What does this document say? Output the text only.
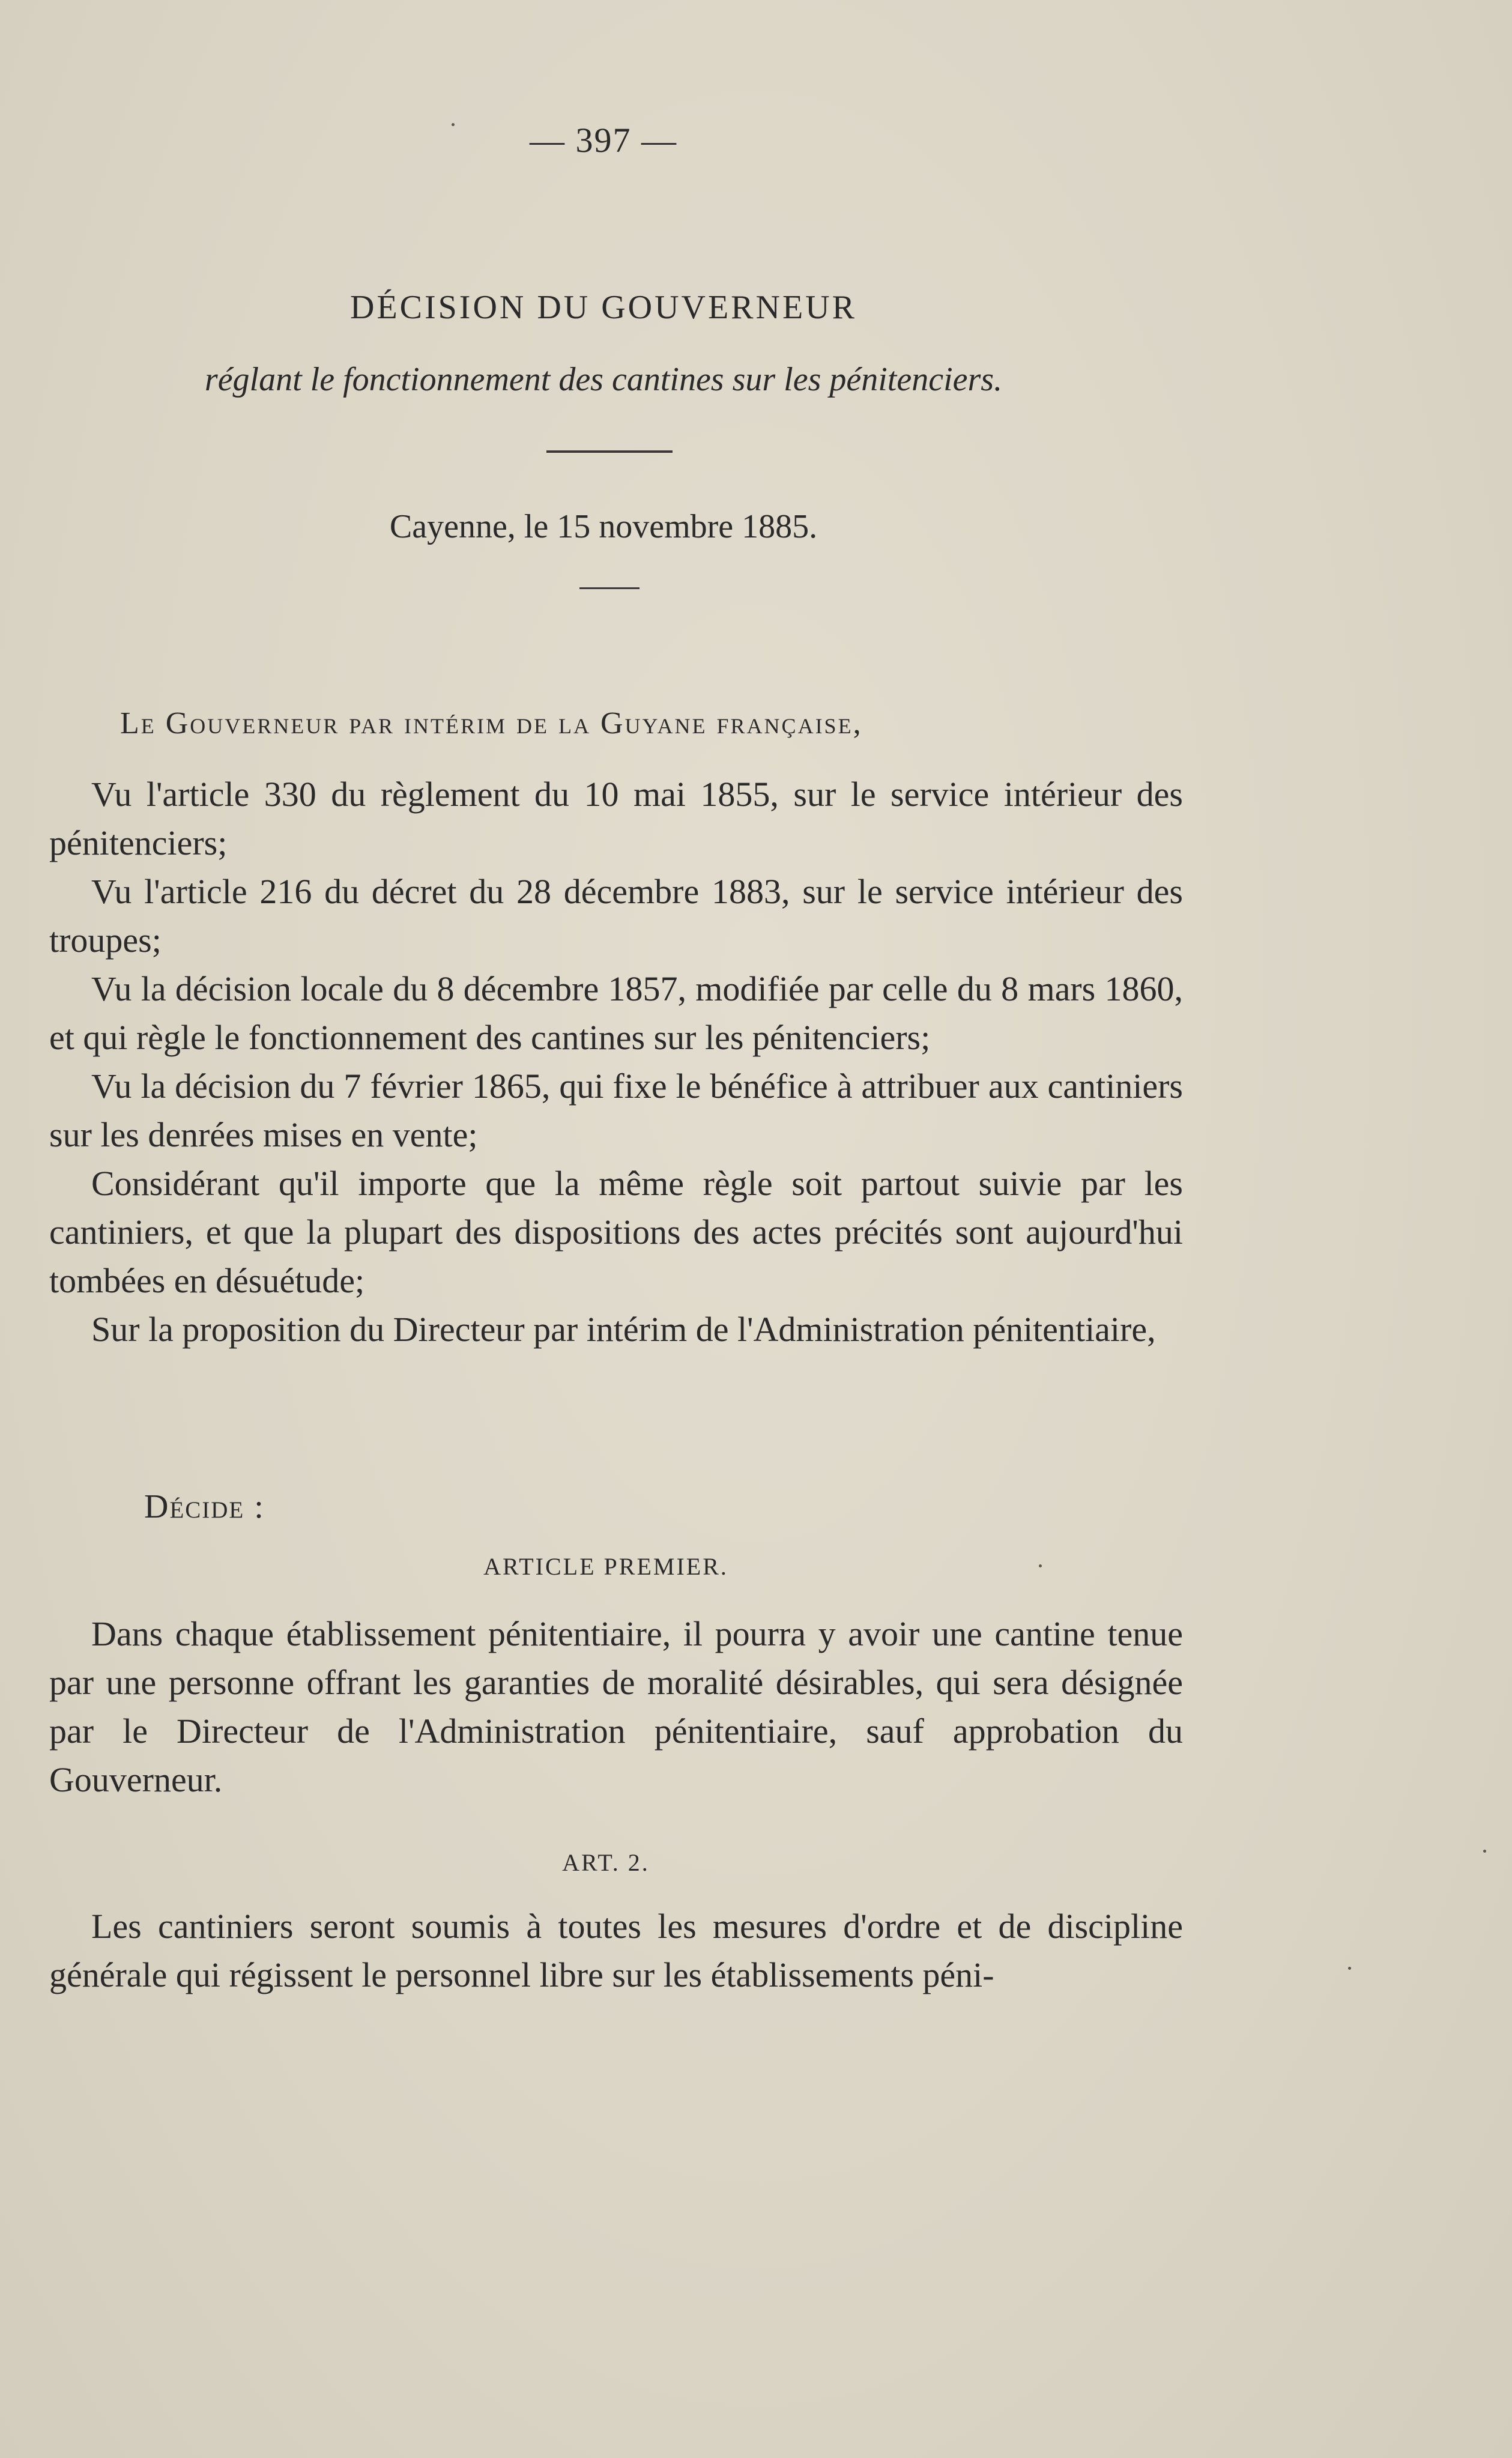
— 397 —
DÉCISION DU GOUVERNEUR
réglant le fonctionnement des cantines sur les pénitenciers.
Cayenne, le 15 novembre 1885.
Le Gouverneur par intérim de la Guyane française,

Vu l'article 330 du règlement du 10 mai 1855, sur le service intérieur des pénitenciers;

Vu l'article 216 du décret du 28 décembre 1883, sur le service intérieur des troupes;

Vu la décision locale du 8 décembre 1857, modifiée par celle du 8 mars 1860, et qui règle le fonctionnement des cantines sur les pénitenciers;

Vu la décision du 7 février 1865, qui fixe le bénéfice à attribuer aux cantiniers sur les denrées mises en vente;

Considérant qu'il importe que la même règle soit partout suivie par les cantiniers, et que la plupart des dispositions des actes précités sont aujourd'hui tombées en désuétude;

Sur la proposition du Directeur par intérim de l'Administration pénitentiaire,

Décide :
ARTICLE PREMIER.

Dans chaque établissement pénitentiaire, il pourra y avoir une cantine tenue par une personne offrant les garanties de moralité désirables, qui sera désignée par le Directeur de l'Administration pénitentiaire, sauf approbation du Gouverneur.

ART. 2.

Les cantiniers seront soumis à toutes les mesures d'ordre et de discipline générale qui régissent le personnel libre sur les établissements péni-
